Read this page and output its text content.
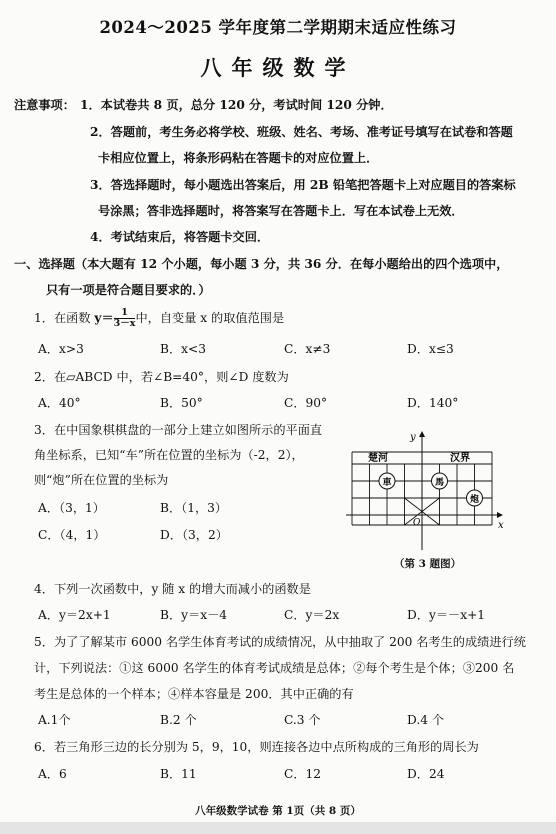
2024～2025 学年度第二学期期末适应性练习
八年级数学
注意事项： 1．本试卷共 8 页，总分 120 分，考试时间 120 分钟．
2．答题前，考生务必将学校、班级、姓名、考场、准考证号填写在试卷和答题
卡相应位置上，将条形码粘在答题卡的对应位置上．
3．答选择题时，每小题选出答案后，用 2B 铅笔把答题卡上对应题目的答案标
号涂黑；答非选择题时，将答案写在答题卡上．写在本试卷上无效．
4．考试结束后，将答题卡交回．
一、选择题（本大题有 12 个小题，每小题 3 分，共 36 分．在每小题给出的四个选项中，
只有一项是符合题目要求的．）
1．在函数 $y= \frac{1}{3-x}$ 中，自变量 x 的取值范围是
A．x>3	B．x<3	C．x≠3	D．x≤3
2．在▱ABCD 中，若∠B=40°，则∠D 度数为
A．40°	B．50°	C．90°	D．140°
3．在中国象棋棋盘的一部分上建立如图所示的平面直
角坐标系，已知“车”所在位置的坐标为（-2，2），
则“炮”所在位置的坐标为
A．（3，1）	B．（1，3）
C．（4，1）	D．（3，2）
y
x
O
楚河	汉界
車	馬
炮
（第 3 题图）
4．下列一次函数中，y 随 x 的增大而减小的函数是
A．y＝2x+1	B．y＝x－4	C．y＝2x	D．y＝－x+1
5．为了了解某市 6000 名学生体育考试的成绩情况，从中抽取了 200 名考生的成绩进行统
计，下列说法：①这 6000 名学生的体育考试成绩是总体；②每个考生是个体；③200 名
考生是总体的一个样本；④样本容量是 200．其中正确的有
A.1个	B.2 个	C.3 个	D.4 个
6．若三角形三边的长分别为 5，9，10，则连接各边中点所构成的三角形的周长为
A．6	B．11	C．12	D．24
八年级数学试卷 第 1页（共 8 页）
